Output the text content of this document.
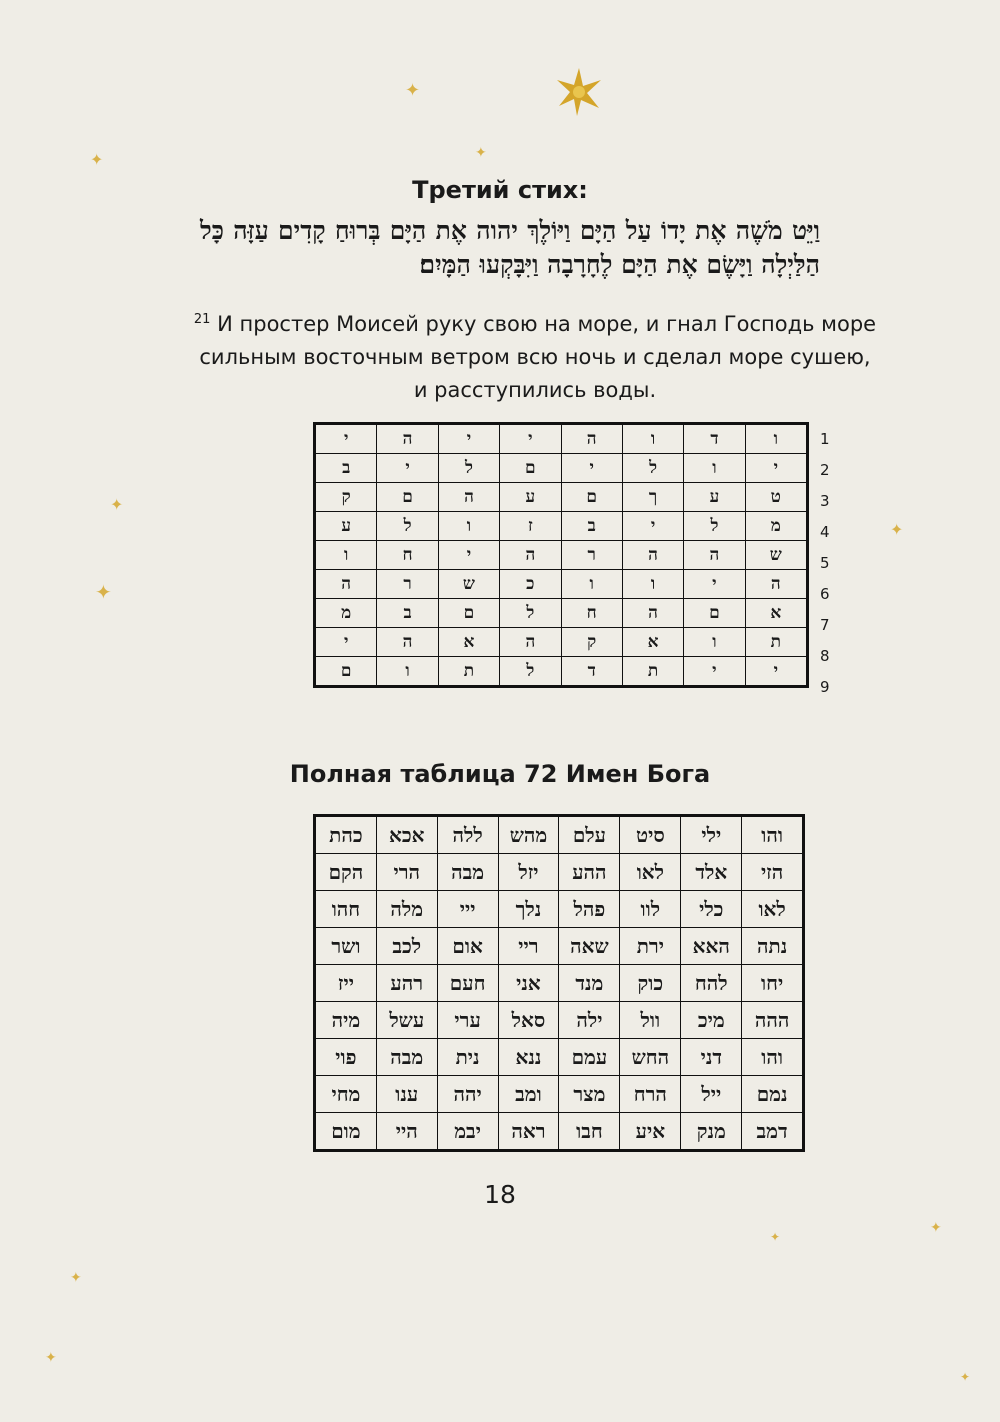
✦
✦	✦
✦
✦
✦
✦
✦
✦
✦
✦
Третий стих:
וַיֵּט מֹשֶׁה אֶת יָדוֹ עַל הַיָּם וַיּוֹלֶךְ יהוה אֶת הַיָּם בְּרוּחַ קָדִים עַזָּה כָּל הַלַּיְלָה וַיָּשֶׂם אֶת הַיָּם לֶחָרָבָה וַיִּבָּקְעוּ הַמָּיִם׃
$^{21}$ И простер Моисей руку свою на море, и гнал Господь море сильным восточным ветром всю ночь и сделал море сушею, и расступились воды.
ו	ד	ו	ה	י	י	ה	י
י	ו	ל	י	ם	ל	י	ב
ט	ע	ך	ם	ע	ה	ם	ק
מ	ל	י	ב	ז	ו	ל	ע
ש	ה	ה	ר	ה	י	ח	ו
ה	י	ו	ו	כ	ש	ר	ה
א	ם	ה	ח	ל	ם	ב	מ
ת	ו	א	ק	ה	א	ה	י
י	י	ת	ד	ל	ת	ו	ם
1
2
3
4
5
6
7
8
9
Полная таблица 72 Имен Бога
והו	ילי	סיט	עלם	מהש	ללה	אכא	כהת
הזי	אלד	לאו	ההע	יזל	מבה	הרי	הקם
לאו	כלי	לוו	פהל	נלך	ייי	מלה	חהו
נתה	האא	ירת	שאה	ריי	אום	לכב	ושר
יחו	להח	כוק	מנד	אני	חעם	רהע	ייז
ההה	מיכ	וול	ילה	סאל	ערי	עשל	מיה
והו	דני	החש	עמם	ננא	נית	מבה	פוי
נמם	ייל	הרח	מצר	ומב	יהה	ענו	מחי
דמב	מנק	איע	חבו	ראה	יבמ	היי	מום
18
